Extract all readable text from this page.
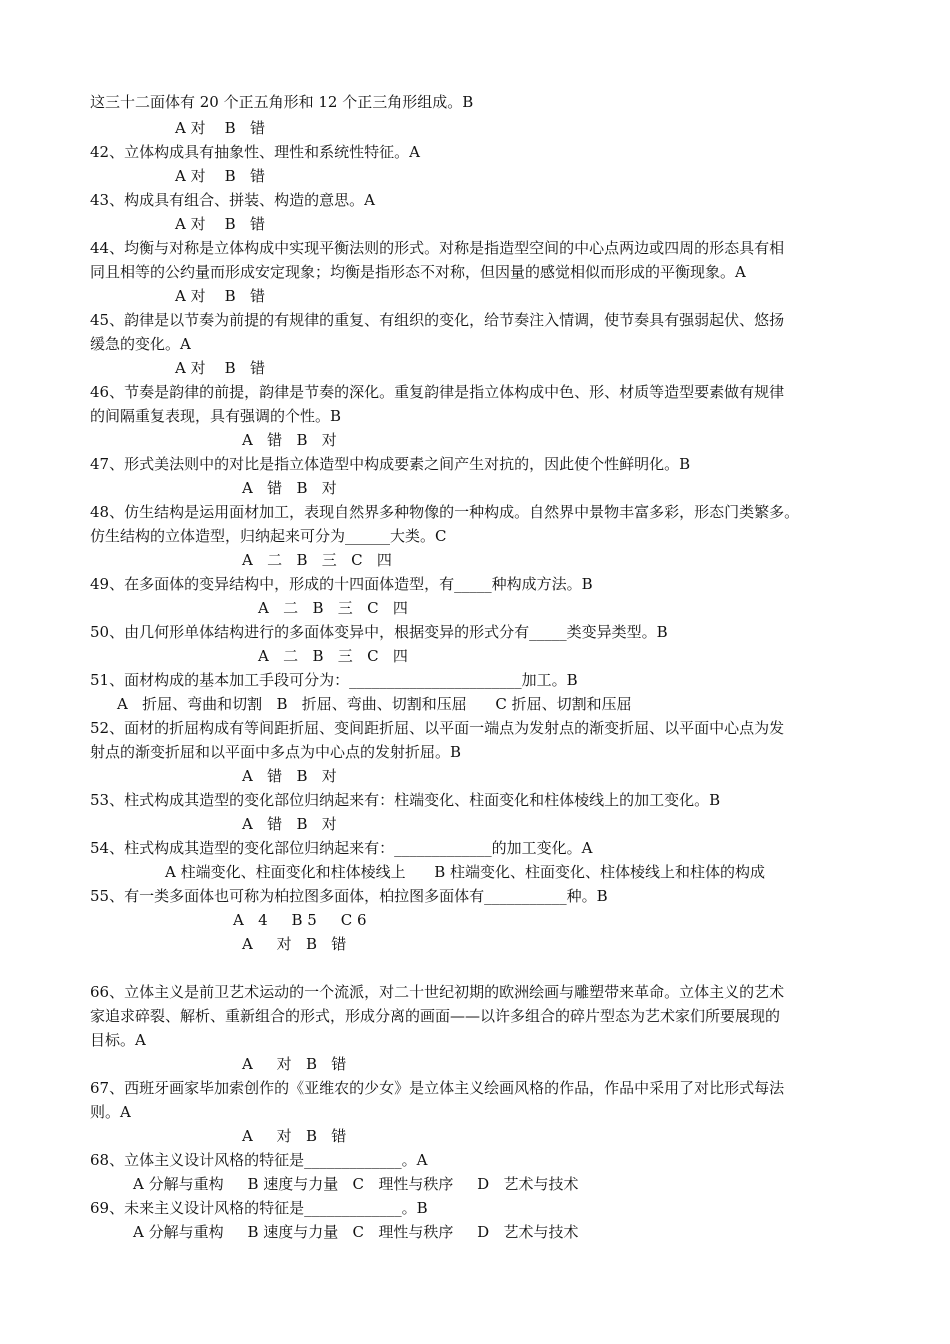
这三十二面体有 20 个正五角形和 12 个正三角形组成。B
A 对    B   错
42、立体构成具有抽象性、理性和系统性特征。A
A 对    B   错
43、构成具有组合、拼装、构造的意思。A
A 对    B   错
44、均衡与对称是立体构成中实现平衡法则的形式。对称是指造型空间的中心点两边或四周的形态具有相
同且相等的公约量而形成安定现象；均衡是指形态不对称，但因量的感觉相似而形成的平衡现象。A
A 对    B   错
45、韵律是以节奏为前提的有规律的重复、有组织的变化，给节奏注入情调，使节奏具有强弱起伏、悠扬
缓急的变化。A
A 对    B   错
46、节奏是韵律的前提，韵律是节奏的深化。重复韵律是指立体构成中色、形、材质等造型要素做有规律
的间隔重复表现，具有强调的个性。B
A   错   B   对
47、形式美法则中的对比是指立体造型中构成要素之间产生对抗的，因此使个性鲜明化。B
A   错   B   对
48、仿生结构是运用面材加工，表现自然界多种物像的一种构成。自然界中景物丰富多彩，形态门类繁多。
仿生结构的立体造型，归纳起来可分为______大类。C
A   二   B   三   C   四
49、在多面体的变异结构中，形成的十四面体造型，有_____种构成方法。B
A   二   B   三   C   四
50、由几何形单体结构进行的多面体变异中，根据变异的形式分有_____类变异类型。B
A   二   B   三   C   四
51、面材构成的基本加工手段可分为：_______________________加工。B
A   折屈、弯曲和切割   B   折屈、弯曲、切割和压屈      C 折屈、切割和压屈
52、面材的折屈构成有等间距折屈、变间距折屈、以平面一端点为发射点的渐变折屈、以平面中心点为发
射点的渐变折屈和以平面中多点为中心点的发射折屈。B
A   错   B   对
53、柱式构成其造型的变化部位归纳起来有：柱端变化、柱面变化和柱体棱线上的加工变化。B
A   错   B   对
54、柱式构成其造型的变化部位归纳起来有：_____________的加工变化。A
A 柱端变化、柱面变化和柱体棱线上      B 柱端变化、柱面变化、柱体棱线上和柱体的构成
55、有一类多面体也可称为柏拉图多面体，柏拉图多面体有___________种。B
A   4     B 5     C 6
A     对   B   错
66、立体主义是前卫艺术运动的一个流派，对二十世纪初期的欧洲绘画与雕塑带来革命。立体主义的艺术
家追求碎裂、解析、重新组合的形式，形成分离的画面——以许多组合的碎片型态为艺术家们所要展现的
目标。A
A     对   B   错
67、西班牙画家毕加索创作的《亚维农的少女》是立体主义绘画风格的作品，作品中采用了对比形式每法
则。A
A     对   B   错
68、立体主义设计风格的特征是_____________。A
A 分解与重构     B 速度与力量   C   理性与秩序     D   艺术与技术
69、未来主义设计风格的特征是_____________。B
A 分解与重构     B 速度与力量   C   理性与秩序     D   艺术与技术
